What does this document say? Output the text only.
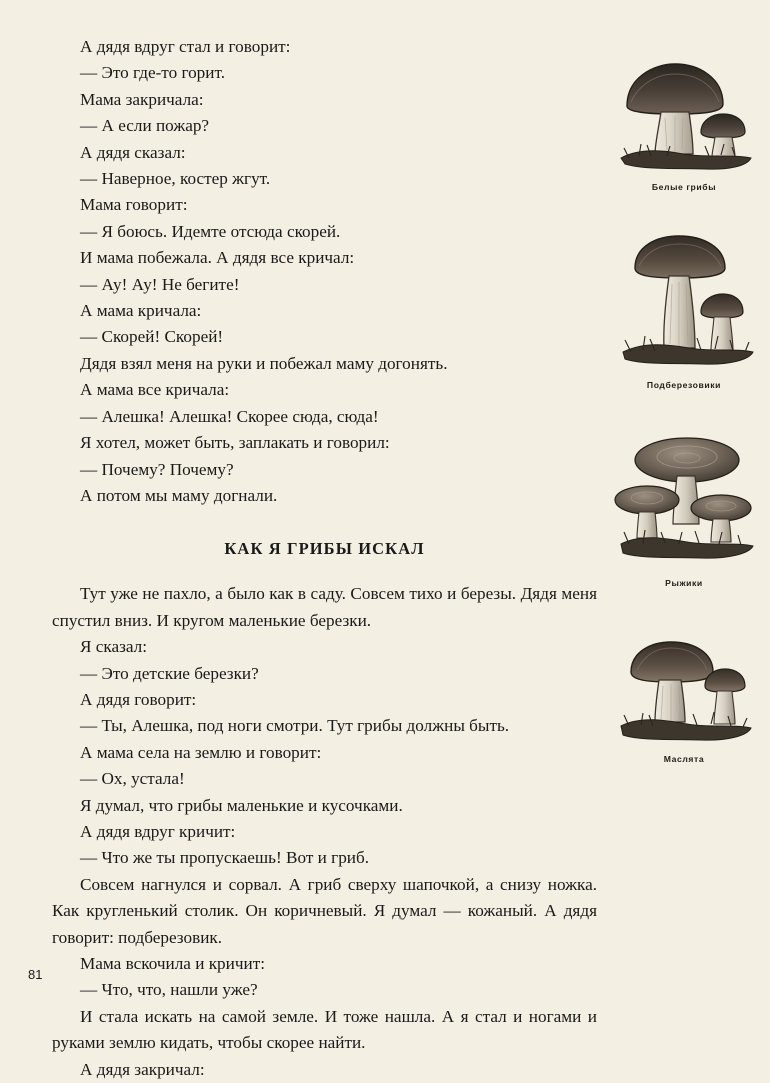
А дядя вдруг стал и говорит:

— Это где-то горит.

Мама закричала:

— А если пожар?

А дядя сказал:

— Наверное, костер жгут.

Мама говорит:

— Я боюсь. Идемте отсюда скорей.

И мама побежала. А дядя все кричал:

— Ау! Ау! Не бегите!

А мама кричала:

— Скорей! Скорей!

Дядя взял меня на руки и побежал маму догонять.

А мама все кричала:

— Алешка! Алешка! Скорее сюда, сюда!

Я хотел, может быть, заплакать и говорил:

— Почему? Почему?

А потом мы маму догнали.

КАК Я ГРИБЫ ИСКАЛ

Тут уже не пахло, а было как в саду. Совсем тихо и березы. Дядя меня спустил вниз. И кругом маленькие березки.

Я сказал:

— Это детские березки?

А дядя говорит:

— Ты, Алешка, под ноги смотри. Тут грибы должны быть.

А мама села на землю и говорит:

— Ох, устала!

Я думал, что грибы маленькие и кусочками.

А дядя вдруг кричит:

— Что же ты пропускаешь! Вот и гриб.

Совсем нагнулся и сорвал. А гриб сверху шапочкой, а снизу ножка. Как кругленький столик. Он коричневый. Я думал — кожаный. А дядя говорит: подберезовик.

Мама вскочила и кричит:

— Что, что, нашли уже?

И стала искать на самой земле. И тоже нашла. А я стал и ногами и руками землю кидать, чтобы скорее найти.

А дядя закричал:

Белые грибы
Подберезовики
Рыжики
Маслята
81
